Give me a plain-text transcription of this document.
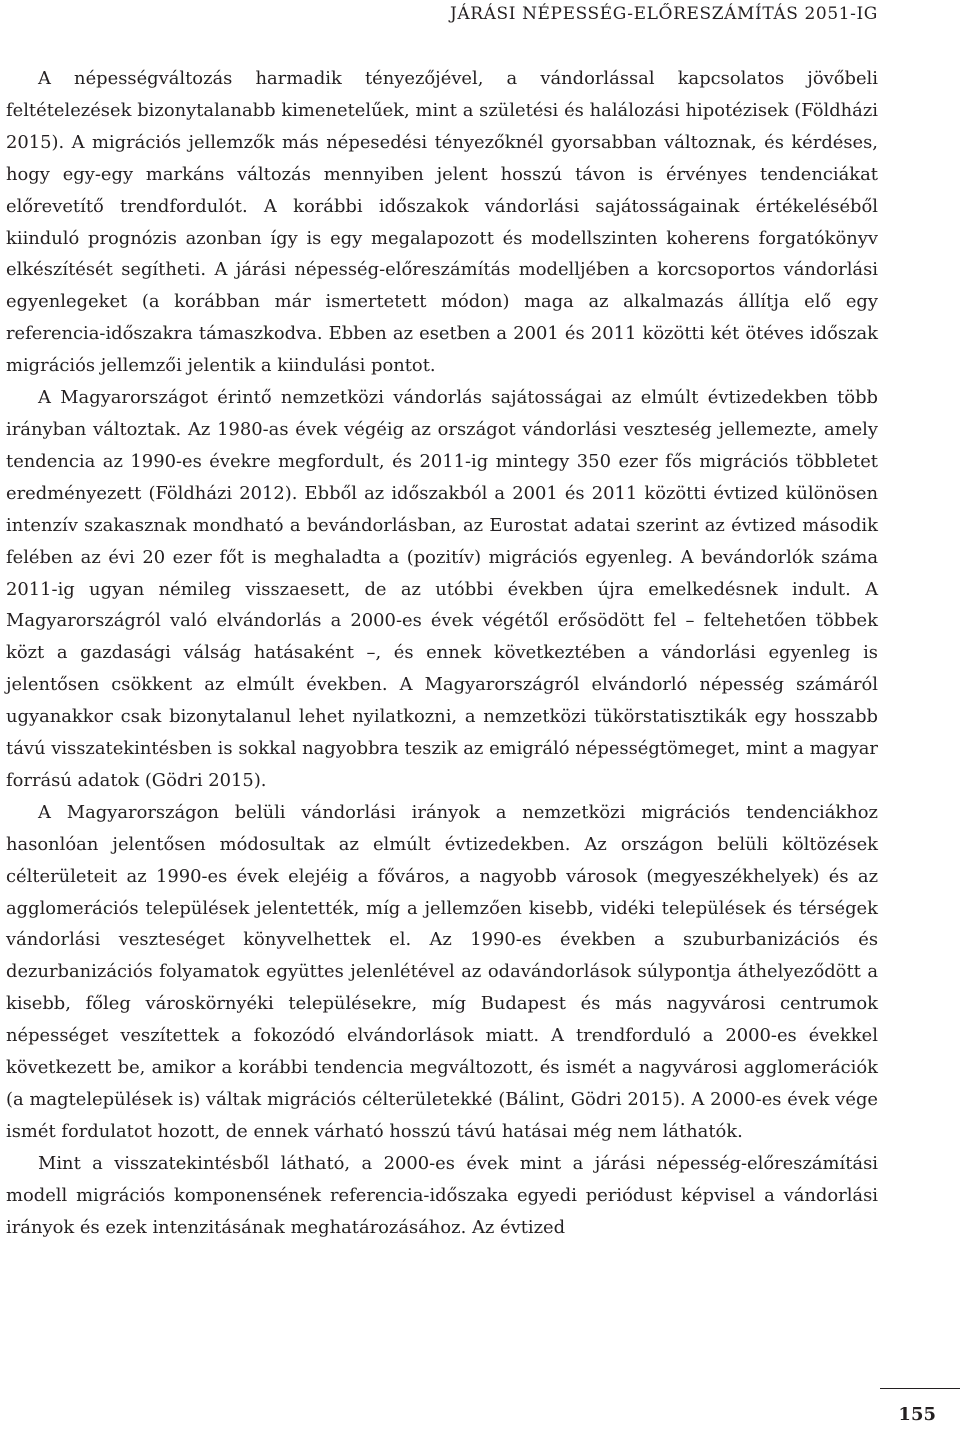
JÁRÁSI NÉPESSÉG-ELŐRESZÁMÍTÁS 2051-IG

A népességváltozás harmadik tényezőjével, a vándorlással kapcsolatos jövőbeli feltételezések bizonytalanabb kimenetelűek, mint a születési és halálozási hipotézisek (Földházi 2015). A migrációs jellemzők más népesedési tényezőknél gyorsabban változnak, és kérdéses, hogy egy-egy markáns változás mennyiben jelent hosszú távon is érvényes tendenciákat előrevetítő trendfordulót. A korábbi időszakok vándorlási sajátosságainak értékeléséből kiinduló prognózis azonban így is egy megalapozott és modellszinten koherens forgatókönyv elkészítését segítheti. A járási népesség-előreszámítás modelljében a korcsoportos vándorlási egyenlegeket (a korábban már ismertetett módon) maga az alkalmazás állítja elő egy referencia-időszakra támaszkodva. Ebben az esetben a 2001 és 2011 közötti két ötéves időszak migrációs jellemzői jelentik a kiindulási pontot.

A Magyarországot érintő nemzetközi vándorlás sajátosságai az elmúlt évtizedekben több irányban változtak. Az 1980-as évek végéig az országot vándorlási veszteség jellemezte, amely tendencia az 1990-es évekre megfordult, és 2011-ig mintegy 350 ezer fős migrációs többletet eredményezett (Földházi 2012). Ebből az időszakból a 2001 és 2011 közötti évtized különösen intenzív szakasznak mondható a bevándorlásban, az Eurostat adatai szerint az évtized második felében az évi 20 ezer főt is meghaladta a (pozitív) migrációs egyenleg. A bevándorlók száma 2011-ig ugyan némileg visszaesett, de az utóbbi években újra emelkedésnek indult. A Magyarországról való elvándorlás a 2000-es évek végétől erősödött fel – feltehetően többek közt a gazdasági válság hatásaként –, és ennek következtében a vándorlási egyenleg is jelentősen csökkent az elmúlt években. A Magyarországról elvándorló népesség számáról ugyanakkor csak bizonytalanul lehet nyilatkozni, a nemzetközi tükörstatisztikák egy hosszabb távú visszatekintésben is sokkal nagyobbra teszik az emigráló népességtömeget, mint a magyar forrású adatok (Gödri 2015).

A Magyarországon belüli vándorlási irányok a nemzetközi migrációs tendenciákhoz hasonlóan jelentősen módosultak az elmúlt évtizedekben. Az országon belüli költözések célterületeit az 1990-es évek elejéig a főváros, a nagyobb városok (megyeszékhelyek) és az agglomerációs települések jelentették, míg a jellemzően kisebb, vidéki települések és térségek vándorlási veszteséget könyvelhettek el. Az 1990-es években a szuburbanizációs és dezurbanizációs folyamatok együttes jelenlétével az odavándorlások súlypontja áthelyeződött a kisebb, főleg városkörnyéki településekre, míg Budapest és más nagyvárosi centrumok népességet veszítettek a fokozódó elvándorlások miatt. A trendforduló a 2000-es évekkel következett be, amikor a korábbi tendencia megváltozott, és ismét a nagyvárosi agglomerációk (a magtelepülések is) váltak migrációs célterületekké (Bálint, Gödri 2015). A 2000-es évek vége ismét fordulatot hozott, de ennek várható hosszú távú hatásai még nem láthatók.

Mint a visszatekintésből látható, a 2000-es évek mint a járási népesség-előreszámítási modell migrációs komponensének referencia-időszaka egyedi periódust képvisel a vándorlási irányok és ezek intenzitásának meghatározásához. Az évtized

155
